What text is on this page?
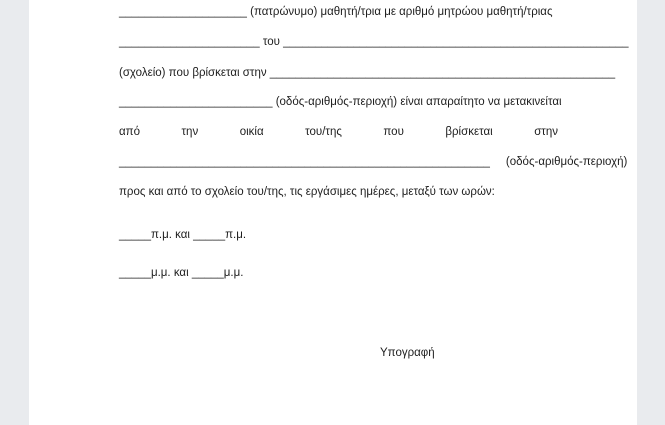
____________________ (πατρώνυμο) μαθητή/τρια με αριθμό μητρώου μαθητή/τριας
______________________ του ______________________________________________________
(σχολείο) που βρίσκεται στην ______________________________________________________
________________________ (οδός-αριθμός-περιοχή) είναι απαραίτητο να μετακινείται
από	την	οικία	του/της	που	βρίσκεται	στην
__________________________________________________________     (οδός-αριθμός-περιοχή)
προς και από το σχολείο του/της, τις εργάσιμες ημέρες, μεταξύ των ωρών:
_____π.μ. και _____π.μ.
_____μ.μ. και _____μ.μ.
Υπογραφή
